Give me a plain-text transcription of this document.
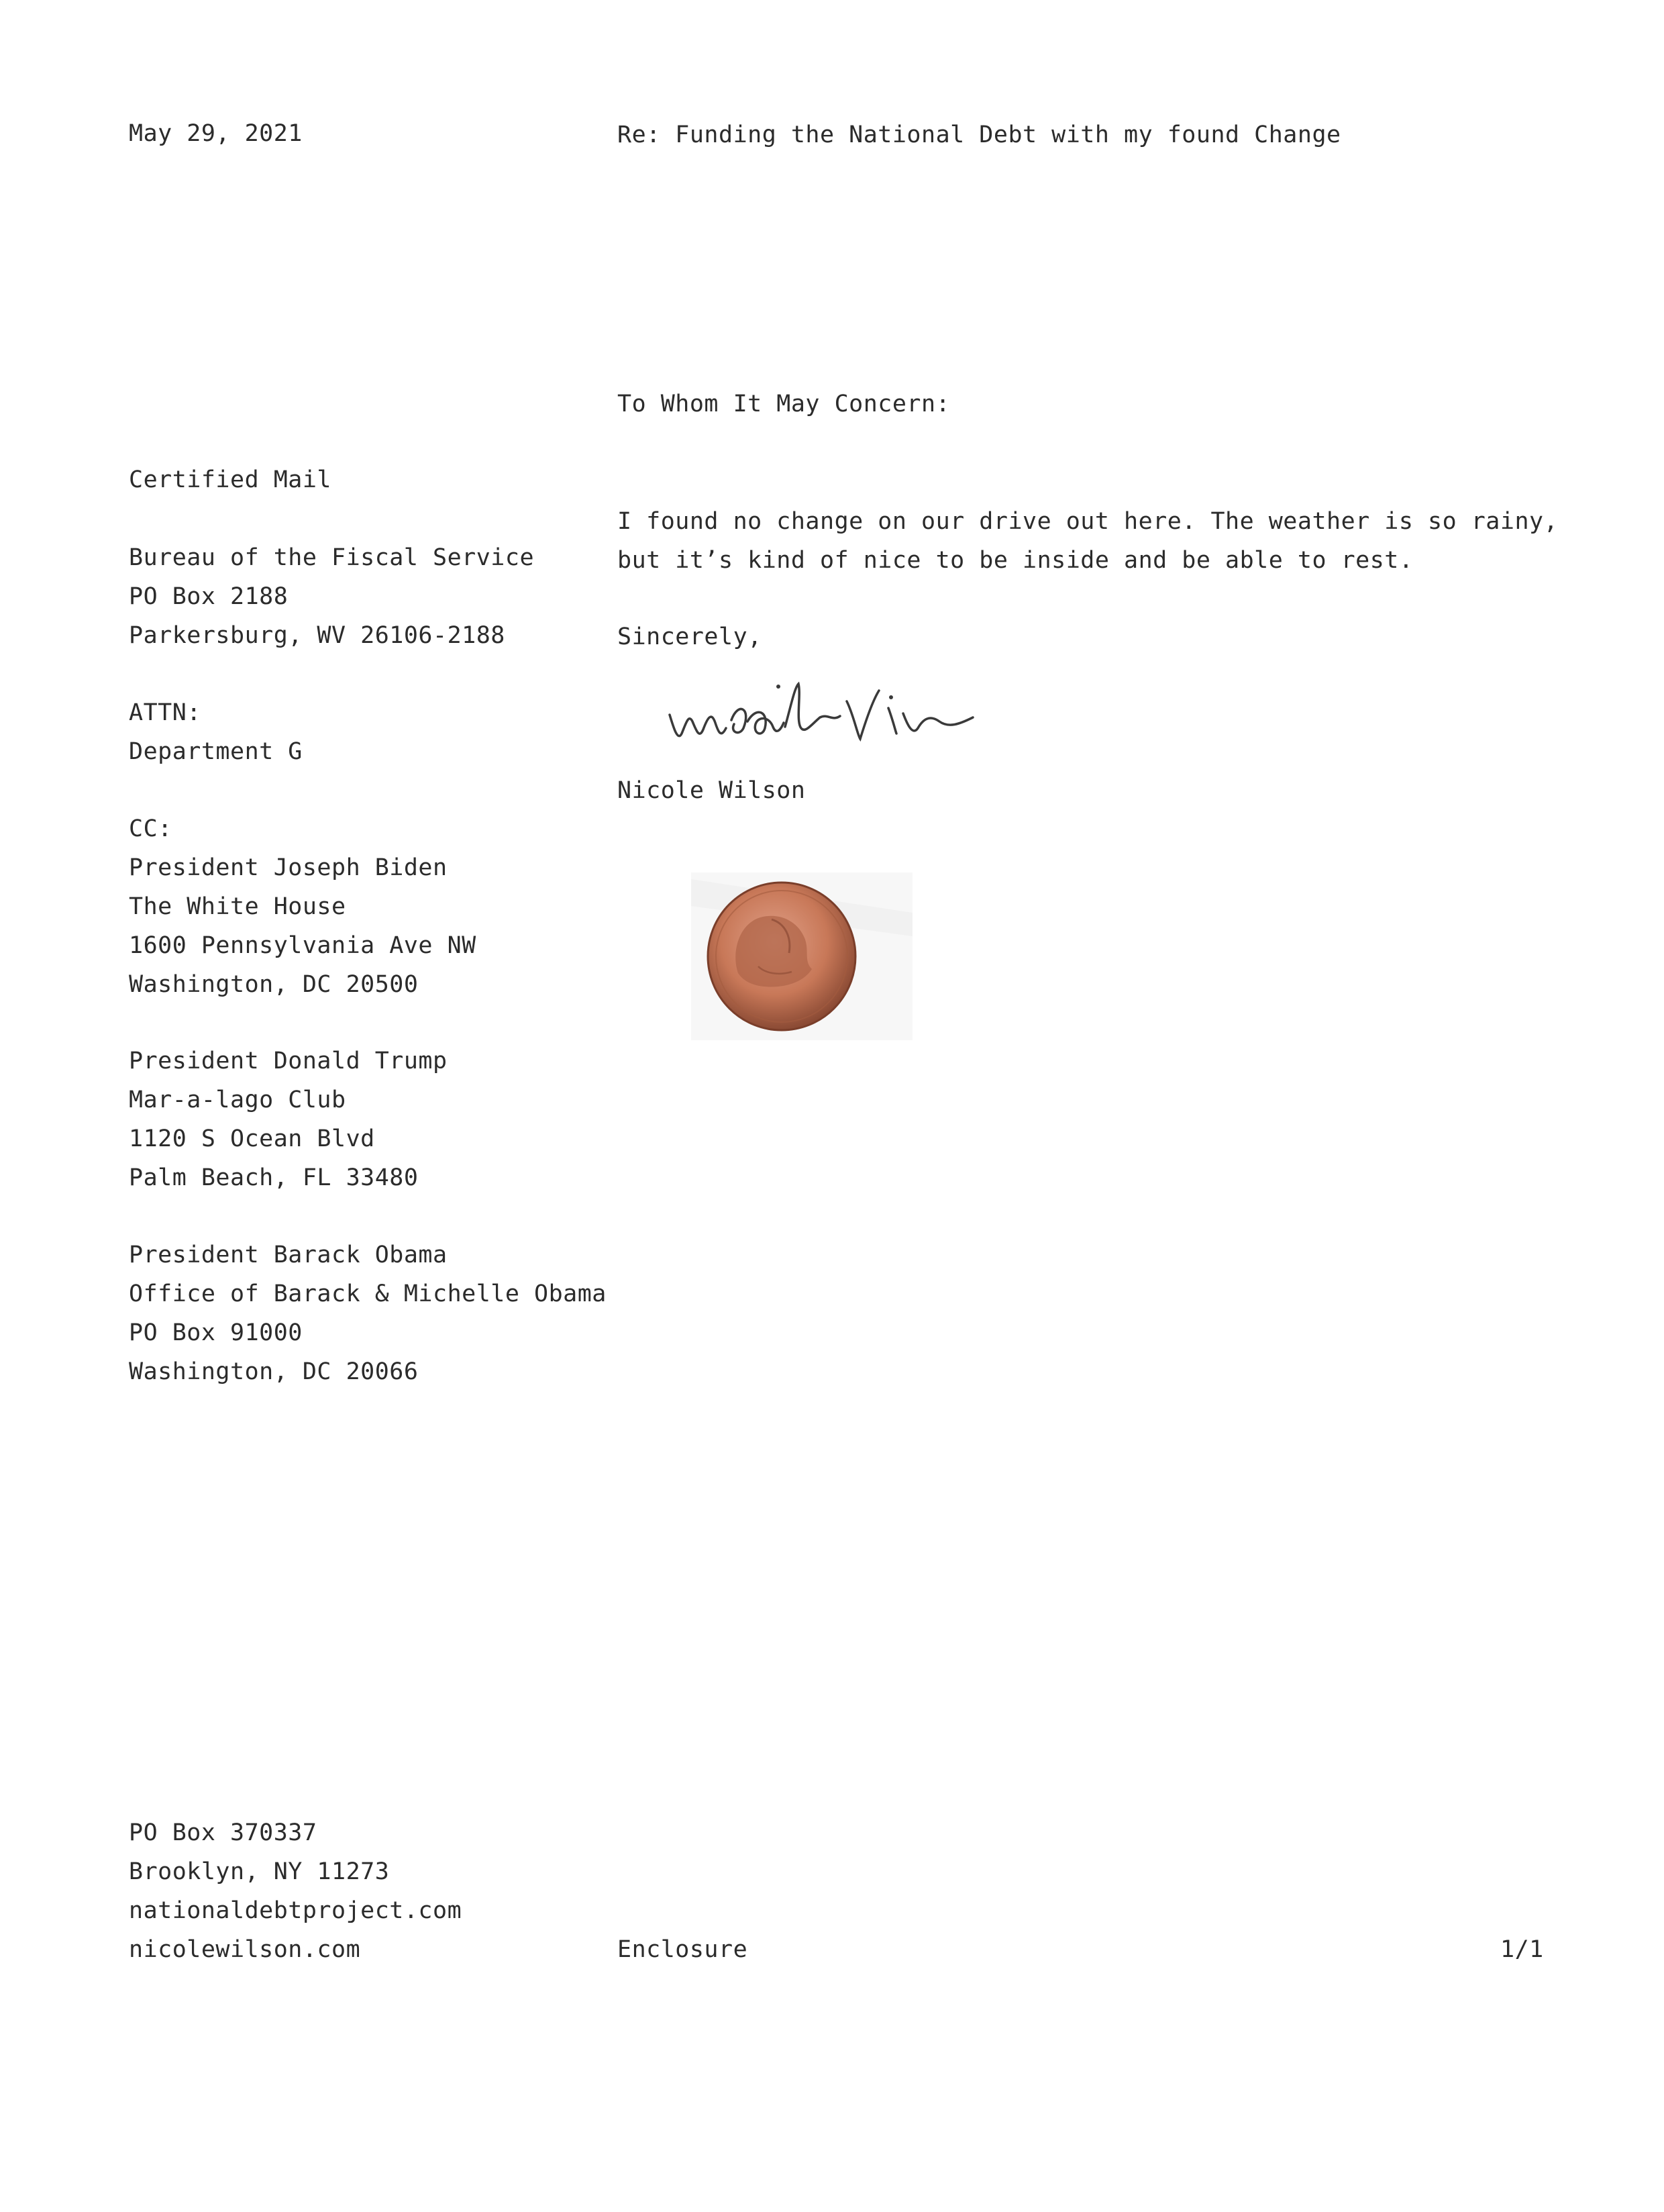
May 29, 2021	Re: Funding the National Debt with my found Change
To Whom It May Concern:
Certified Mail
Bureau of the Fiscal Service
PO Box 2188
Parkersburg, WV 26106-2188
ATTN:
Department G
CC:
President Joseph Biden
The White House
1600 Pennsylvania Ave NW
Washington, DC 20500
President Donald Trump
Mar-a-lago Club
1120 S Ocean Blvd
Palm Beach, FL 33480
President Barack Obama
Office of Barack & Michelle Obama
PO Box 91000
Washington, DC 20066
I found no change on our drive out here. The weather is so rainy,
but it’s kind of nice to be inside and be able to rest.
Sincerely,
Nicole Wilson
PO Box 370337
Brooklyn, NY 11273
nationaldebtproject.com
nicolewilson.com	Enclosure	1/1
